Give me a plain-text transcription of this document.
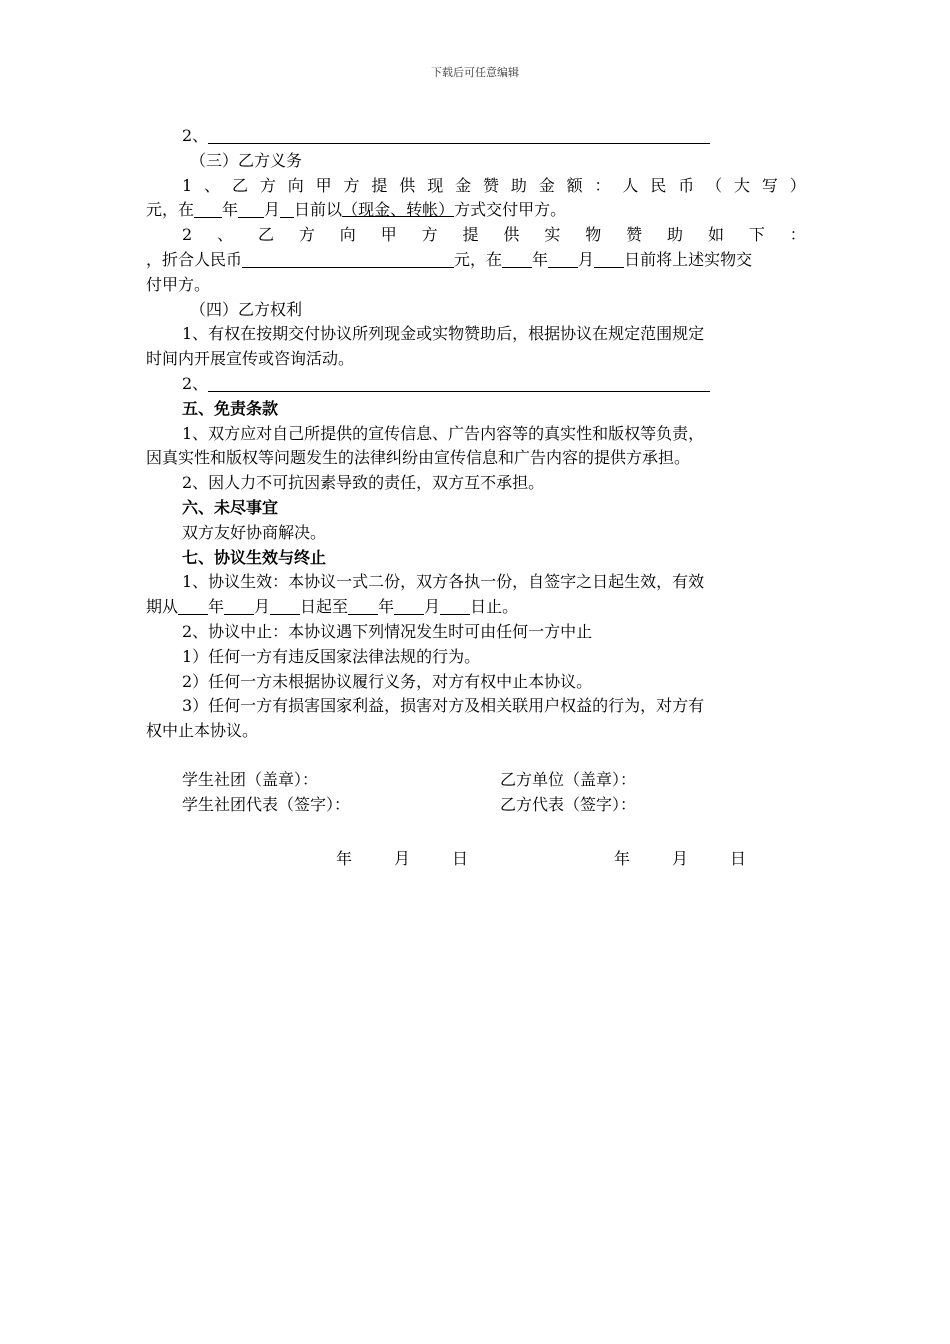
下载后可任意编辑
2、
（三）乙方义务
1 、 乙 方 向 甲 方 提 供 现 金 赞 助 金 额 ： 人 民 币 （ 大 写 ）
元，在 年 月 日前以（现金、转帐）方式交付甲方。
2 、 乙 方 向 甲 方 提 供 实 物 赞 助 如 下 ：
，折合人民币	元，在 年 月 日前将上述实物交
付甲方。
（四）乙方权利
1、有权在按期交付协议所列现金或实物赞助后，根据协议在规定范围规定
时间内开展宣传或咨询活动。
2、
五、免责条款
1、双方应对自己所提供的宣传信息、广告内容等的真实性和版权等负责，
因真实性和版权等问题发生的法律纠纷由宣传信息和广告内容的提供方承担。
2、因人力不可抗因素导致的责任，双方互不承担。
六、未尽事宜
双方友好协商解决。
七、协议生效与终止
1、协议生效：本协议一式二份，双方各执一份，自签字之日起生效，有效
期从 年 月 日起至 年 月 日止。
2、协议中止：本协议遇下列情况发生时可由任何一方中止
1）任何一方有违反国家法律法规的行为。
2）任何一方未根据协议履行义务，对方有权中止本协议。
3）任何一方有损害国家利益，损害对方及相关联用户权益的行为，对方有
权中止本协议。
学生社团（盖章）：	乙方单位（盖章）：
学生社团代表（签字）：	乙方代表（签字）：
年	月	日	年	月	日
